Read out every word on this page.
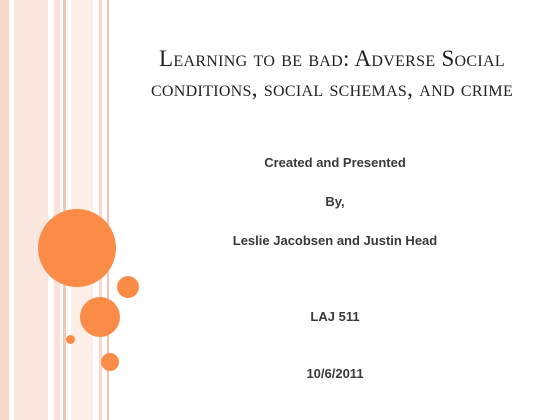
Learning to be bad: Adverse Social
conditions, social schemas, and crime
Created and Presented
By,
Leslie Jacobsen and Justin Head
LAJ 511
10/6/2011
